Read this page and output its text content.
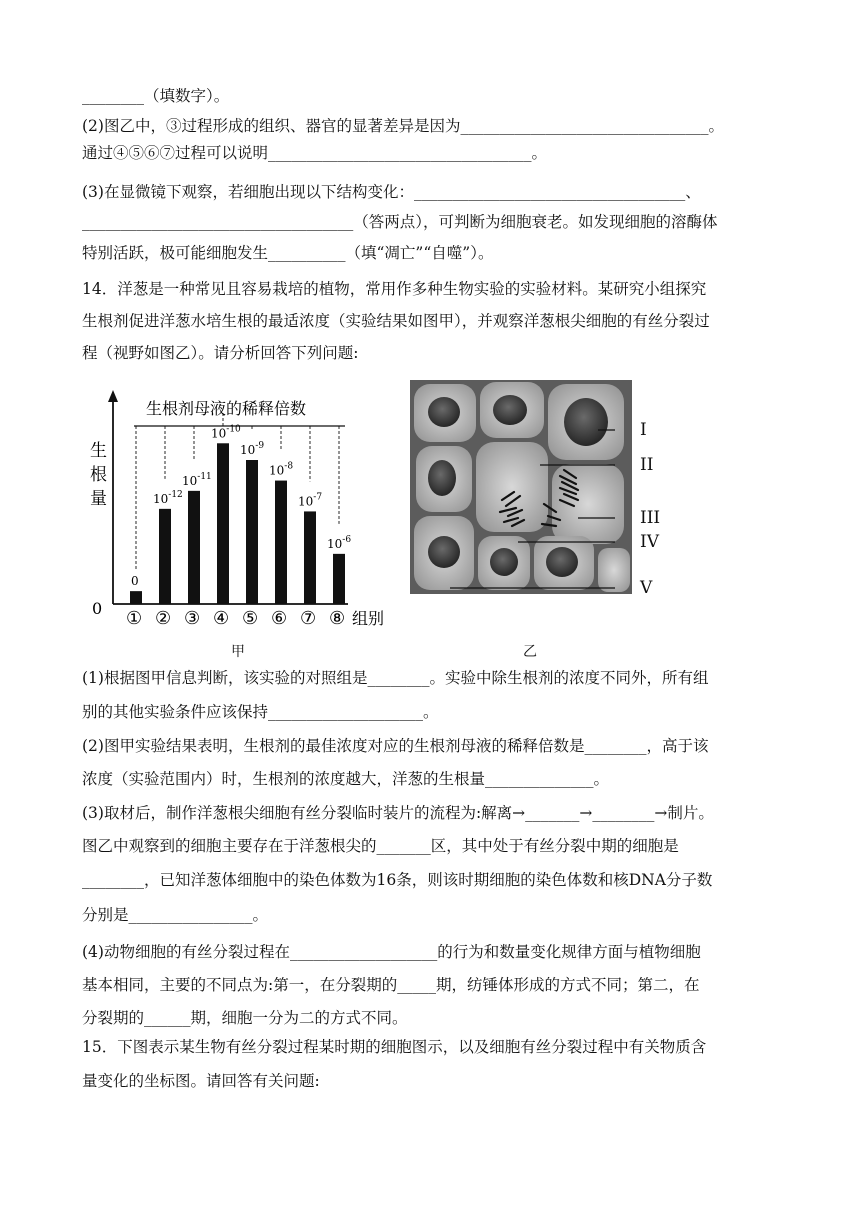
________（填数字）。
(2)图乙中，③过程形成的组织、器官的显著差异是因为________________________________。
通过④⑤⑥⑦过程可以说明__________________________________。
(3)在显微镜下观察，若细胞出现以下结构变化：___________________________________、
___________________________________（答两点），可判断为细胞衰老。如发现细胞的溶酶体
特别活跃，极可能细胞发生__________（填“凋亡”“自噬”）。
14．洋葱是一种常见且容易栽培的植物，常用作多种生物实验的实验材料。某研究小组探究
生根剂促进洋葱水培生根的最适浓度（实验结果如图甲），并观察洋葱根尖细胞的有丝分裂过
程（视野如图乙）。请分析回答下列问题:
生
根
量
0
生根剂母液的稀释倍数
组别
0
①
$10^{-12}$
②
$10^{-11}$
③
$10^{-10}$
④
$10^{-9}$
⑤
$10^{-8}$
⑥
$10^{-7}$
⑦
$10^{-6}$
⑧
甲
I
II
III
IV
V
乙
(1)根据图甲信息判断，该实验的对照组是________。实验中除生根剂的浓度不同外，所有组
别的其他实验条件应该保持____________________。
(2)图甲实验结果表明，生根剂的最佳浓度对应的生根剂母液的稀释倍数是________，高于该
浓度（实验范围内）时，生根剂的浓度越大，洋葱的生根量______________。
(3)取材后，制作洋葱根尖细胞有丝分裂临时装片的流程为:解离→_______→________→制片。
图乙中观察到的细胞主要存在于洋葱根尖的_______区，其中处于有丝分裂中期的细胞是
________，已知洋葱体细胞中的染色体数为16条，则该时期细胞的染色体数和核DNA分子数
分别是________________。
(4)动物细胞的有丝分裂过程在___________________的行为和数量变化规律方面与植物细胞
基本相同，主要的不同点为:第一，在分裂期的_____期，纺锤体形成的方式不同；第二，在
分裂期的______期，细胞一分为二的方式不同。
15．下图表示某生物有丝分裂过程某时期的细胞图示，以及细胞有丝分裂过程中有关物质含
量变化的坐标图。请回答有关问题:
